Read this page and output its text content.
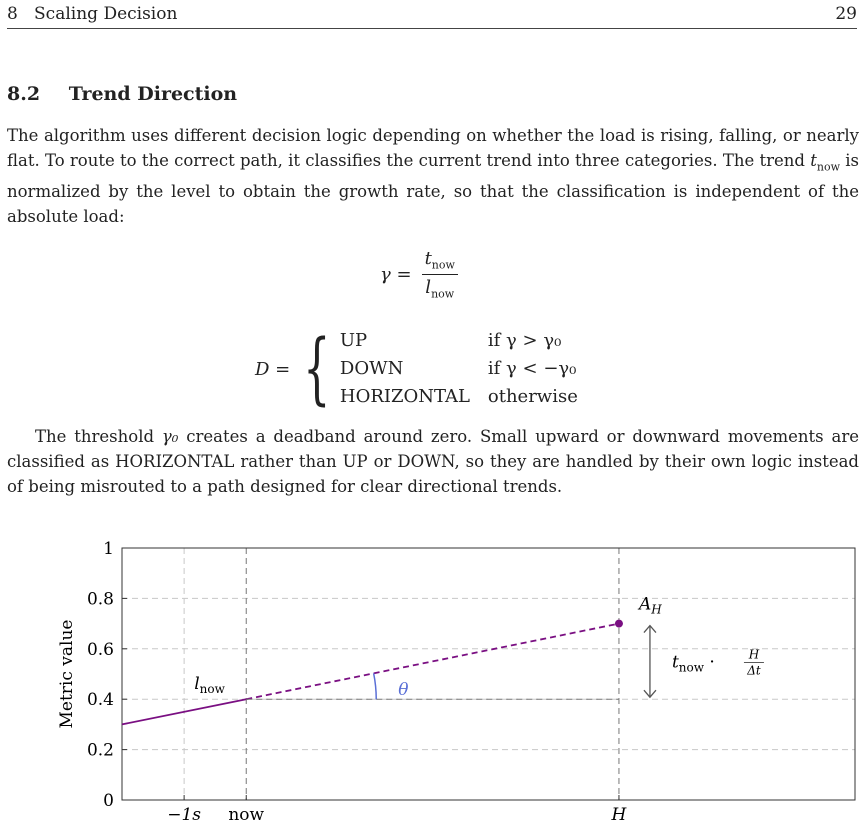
8   Scaling Decision	29
8.2 Trend Direction
The algorithm uses different decision logic depending on whether the load is rising, falling, or nearly flat. To route to the correct path, it classifies the current trend into three categories. The trend $t_{now}$ is normalized by the level to obtain the growth rate, so that the classification is independent of the absolute load:
$\gamma = \frac{t_{now}}{l_{now}}$
D = { UP	if γ > γ₀
DOWN	if γ < −γ₀
HORIZONTAL otherwise
The threshold γ₀ creates a deadband around zero. Small upward or downward movements are classified as HORIZONTAL rather than UP or DOWN, so they are handled by their own logic instead of being misrouted to a path designed for clear directional trends.
0
0.2
0.4
0.6
0.8
1
−1s now	H
Metric value	θ
$l_{now}$
$A_H$
$t_{now}$ ·	H
Δt
